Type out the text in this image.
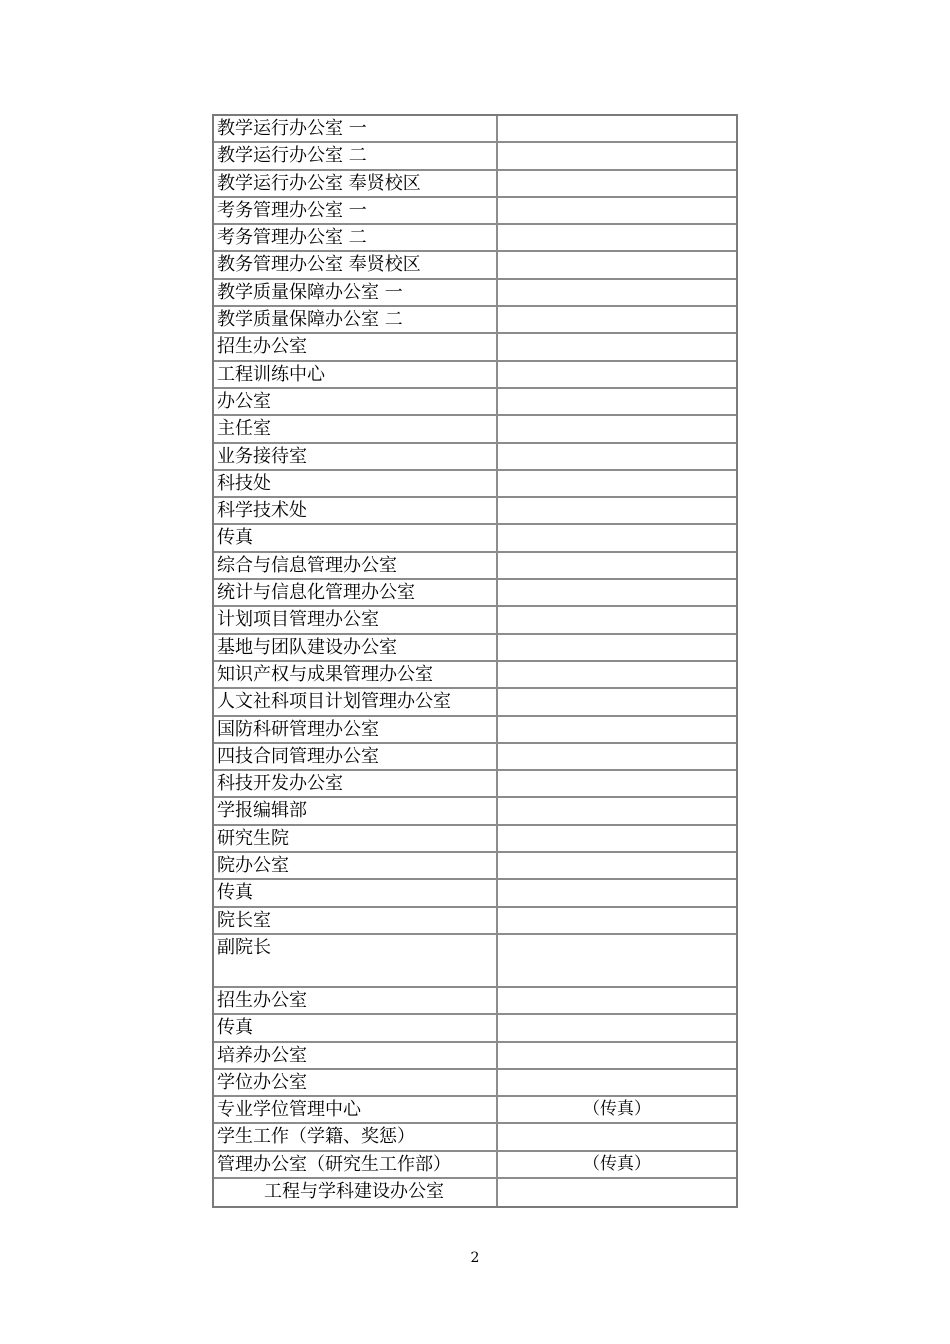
教学运行办公室 一
教学运行办公室 二
教学运行办公室 奉贤校区
考务管理办公室 一
考务管理办公室 二
教务管理办公室 奉贤校区
教学质量保障办公室 一
教学质量保障办公室 二
招生办公室
工程训练中心
办公室
主任室
业务接待室
科技处
科学技术处
传真
综合与信息管理办公室
统计与信息化管理办公室
计划项目管理办公室
基地与团队建设办公室
知识产权与成果管理办公室
人文社科项目计划管理办公室
国防科研管理办公室
四技合同管理办公室
科技开发办公室
学报编辑部
研究生院
院办公室
传真
院长室
副院长
招生办公室
传真
培养办公室
学位办公室
专业学位管理中心	（传真）
学生工作（学籍、奖惩）
管理办公室（研究生工作部）	（传真）
工程与学科建设办公室
2
